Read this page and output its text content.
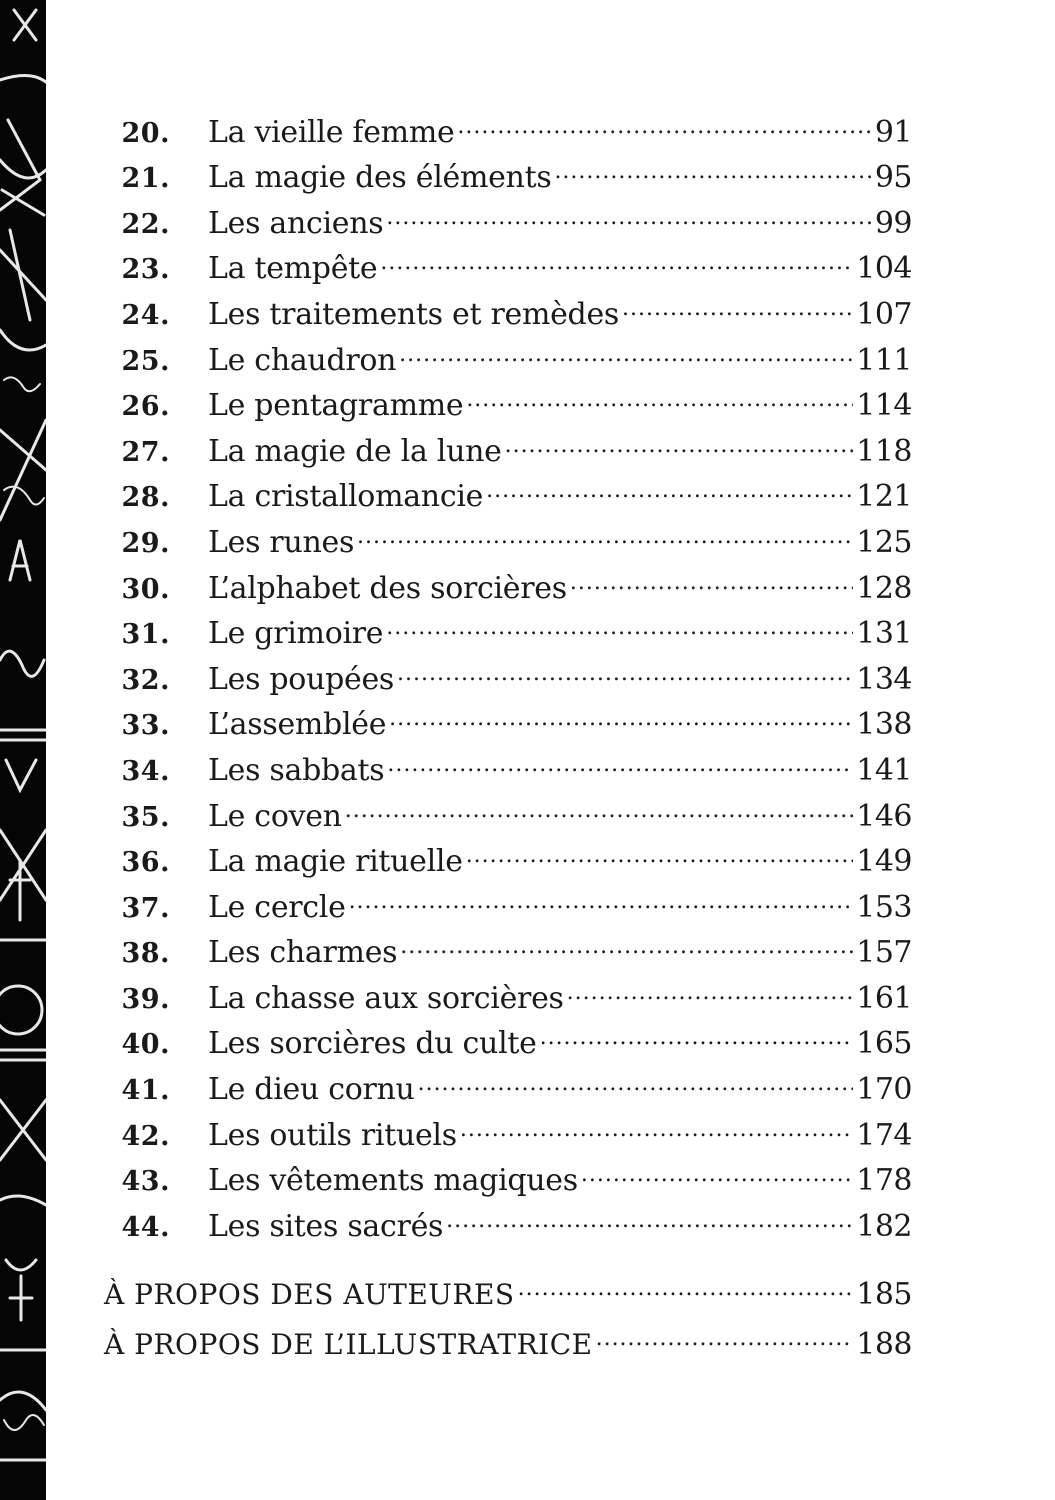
20. La vieille femme .....	91
21. La magie des éléments .....	95
22. Les anciens .....	99
23. La tempête .....	104
24. Les traitements et remèdes .....	107
25. Le chaudron .....	111
26. Le pentagramme .....	114
27. La magie de la lune .....	118
28. La cristallomancie .....	121
29. Les runes .....	125
30. L’alphabet des sorcières .....	128
31. Le grimoire .....	131
32. Les poupées .....	134
33. L’assemblée .....	138
34. Les sabbats .....	141
35. Le coven .....	146
36. La magie rituelle .....	149
37. Le cercle .....	153
38. Les charmes .....	157
39. La chasse aux sorcières .....	161
40. Les sorcières du culte .....	165
41. Le dieu cornu .....	170
42. Les outils rituels .....	174
43. Les vêtements magiques .....	178
44. Les sites sacrés .....	182
À PROPOS DES AUTEURES .....	185
À PROPOS DE L’ILLUSTRATRICE .....	188
